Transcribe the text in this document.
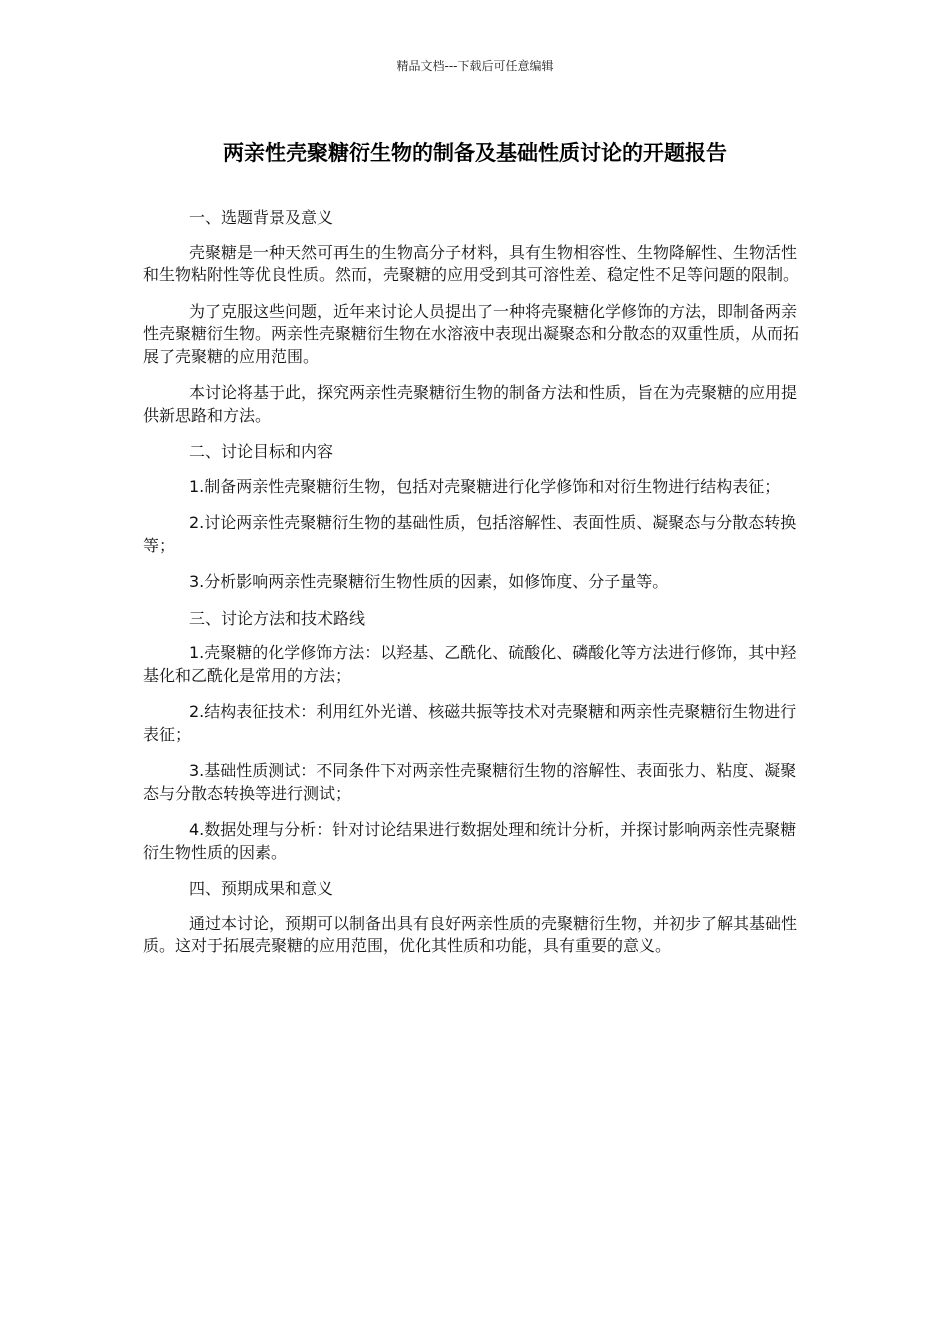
精品文档---下载后可任意编辑
两亲性壳聚糖衍生物的制备及基础性质讨论的开题报告

一、选题背景及意义

壳聚糖是一种天然可再生的生物高分子材料，具有生物相容性、生物降解性、生物活性和生物粘附性等优良性质。然而，壳聚糖的应用受到其可溶性差、稳定性不足等问题的限制。

为了克服这些问题，近年来讨论人员提出了一种将壳聚糖化学修饰的方法，即制备两亲性壳聚糖衍生物。两亲性壳聚糖衍生物在水溶液中表现出凝聚态和分散态的双重性质，从而拓展了壳聚糖的应用范围。

本讨论将基于此，探究两亲性壳聚糖衍生物的制备方法和性质，旨在为壳聚糖的应用提供新思路和方法。

二、讨论目标和内容

1.制备两亲性壳聚糖衍生物，包括对壳聚糖进行化学修饰和对衍生物进行结构表征；

2.讨论两亲性壳聚糖衍生物的基础性质，包括溶解性、表面性质、凝聚态与分散态转换等；

3.分析影响两亲性壳聚糖衍生物性质的因素，如修饰度、分子量等。

三、讨论方法和技术路线

1.壳聚糖的化学修饰方法：以羟基、乙酰化、硫酸化、磷酸化等方法进行修饰，其中羟基化和乙酰化是常用的方法；

2.结构表征技术：利用红外光谱、核磁共振等技术对壳聚糖和两亲性壳聚糖衍生物进行表征；

3.基础性质测试：不同条件下对两亲性壳聚糖衍生物的溶解性、表面张力、粘度、凝聚态与分散态转换等进行测试；

4.数据处理与分析：针对讨论结果进行数据处理和统计分析，并探讨影响两亲性壳聚糖衍生物性质的因素。

四、预期成果和意义

通过本讨论，预期可以制备出具有良好两亲性质的壳聚糖衍生物，并初步了解其基础性质。这对于拓展壳聚糖的应用范围，优化其性质和功能，具有重要的意义。
